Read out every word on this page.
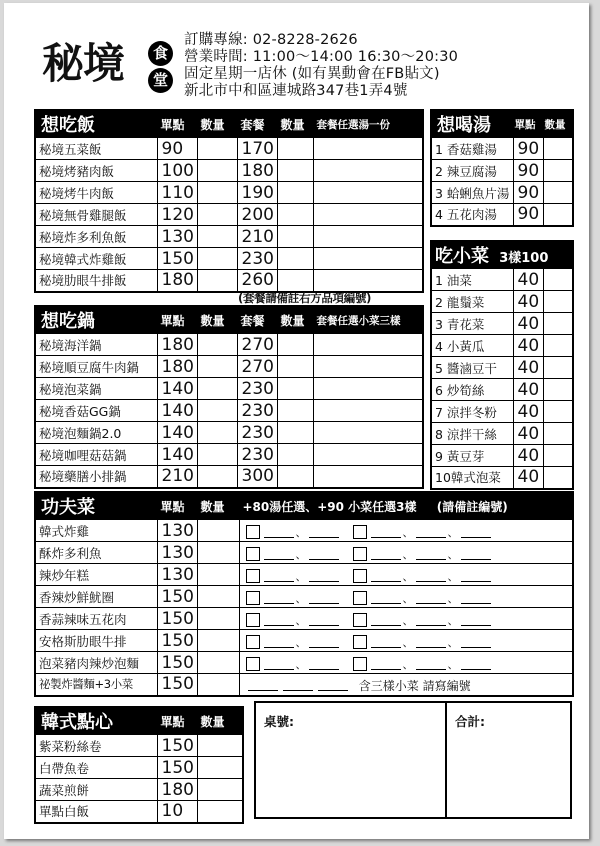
秘境	食
堂
訂購專線: 02-8228-2626
營業時間: 11:00～14:00 16:30～20:30
固定星期一店休 (如有異動會在FB貼文)
新北市中和區連城路347巷1弄4號
想吃飯	單點	數量	套餐	數量	套餐任選湯一份
秘境五菜飯	90		170		
秘境烤豬肉飯	100		180		
秘境烤牛肉飯	110		190		
秘境無骨雞腿飯	120		200		
秘境炸多利魚飯	130		210		
秘境韓式炸雞飯	150		230		
秘境肋眼牛排飯	180		260		
(套餐請備註右方品項編號)
想吃鍋	單點	數量	套餐	數量	套餐任選小菜三樣
秘境海洋鍋	180		270		
秘境順豆腐牛肉鍋	180		270		
秘境泡菜鍋	140		230		
秘境香菇GG鍋	140		230		
秘境泡麵鍋2.0	140		230		
秘境咖哩菇菇鍋	140		230		
秘境藥膳小排鍋	210		300		
想喝湯	單點	數量
1 香菇雞湯	90	
2 辣豆腐湯	90	
3 蛤蜊魚片湯	90	
4 五花肉湯	90	
吃小菜 3樣100		
1 油菜	40	
2 龍鬚菜	40	
3 青花菜	40	
4 小黃瓜	40	
5 醬滷豆干	40	
6 炒筍絲	40	
7 涼拌冬粉	40	
8 涼拌干絲	40	
9 黃豆芽	40	
10韓式泡菜	40	
功夫菜	單點	數量	+80湯任選、+90 小菜任選3樣 (請備註編號)
韓式炸雞	130		、 、 、
酥炸多利魚	130		、 、 、
辣炒年糕	130		、 、 、
香辣炒鮮魷圈	150		、 、 、
香蒜辣味五花肉	150		、 、 、
安格斯肋眼牛排	150		、 、 、
泡菜豬肉辣炒泡麵	150		、 、 、
祕製炸醬麵+3小菜	150		含三樣小菜 請寫編號
韓式點心	單點	數量
紫菜粉絲卷	150	
白帶魚卷	150	
蔬菜煎餅	180	
單點白飯	10	
桌號:	合計:
